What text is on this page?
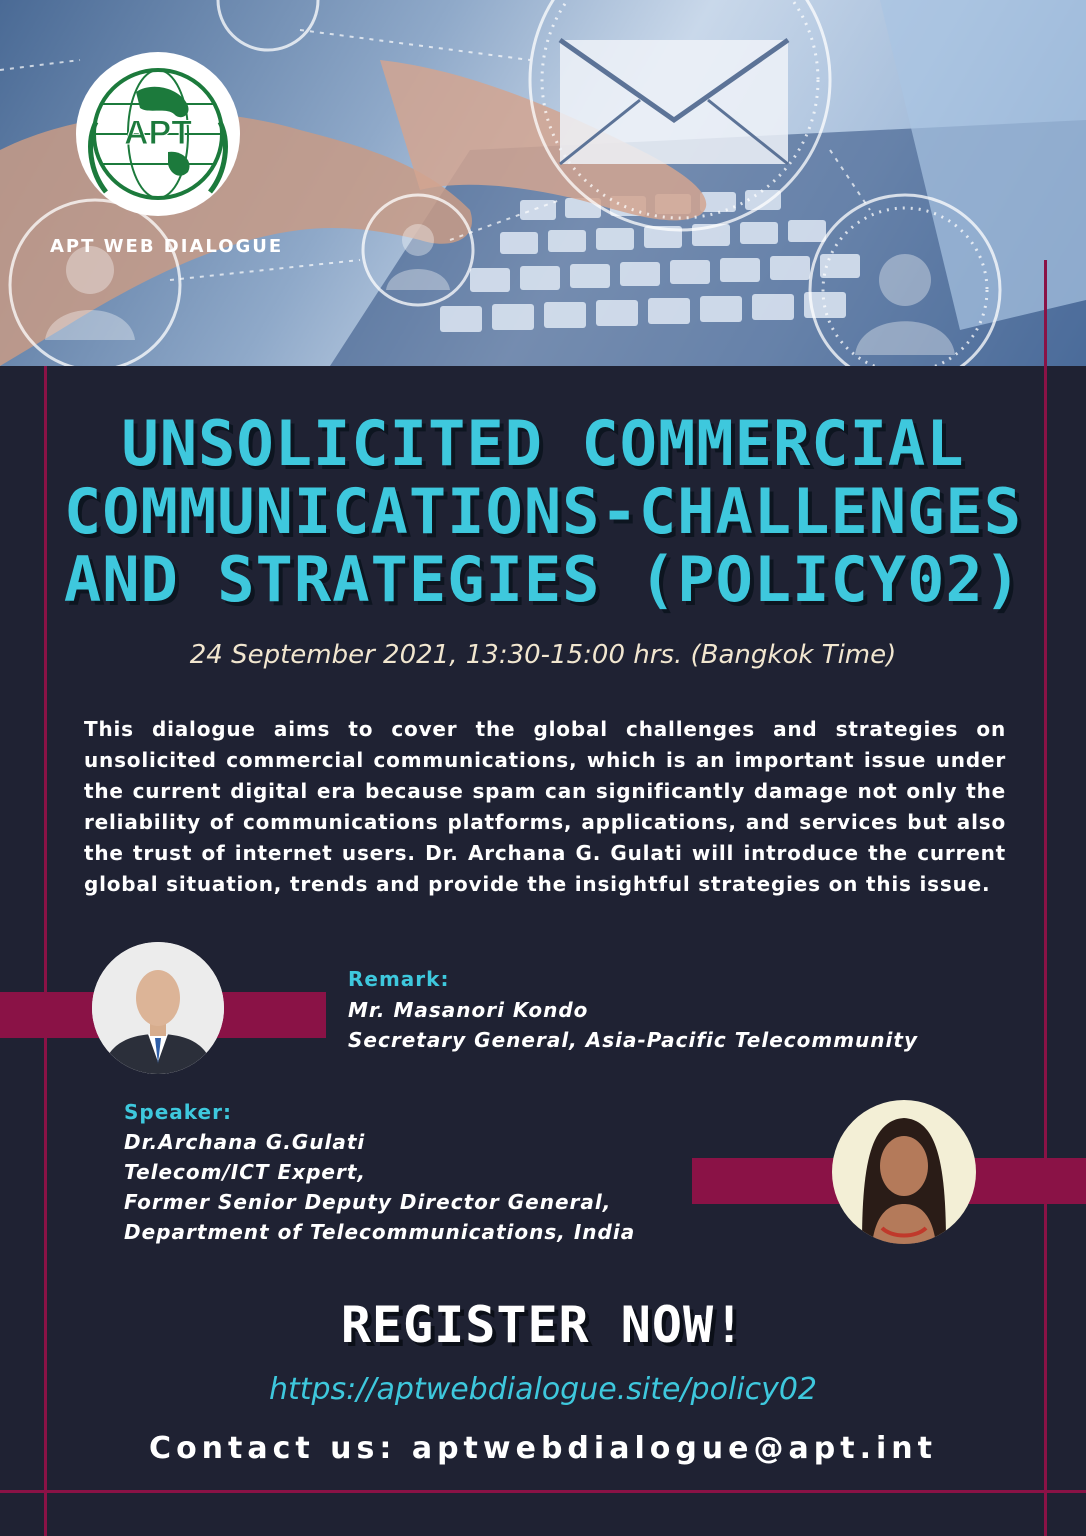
APT
APT WEB DIALOGUE
UNSOLICITED COMMERCIAL
COMMUNICATIONS-CHALLENGES
AND STRATEGIES (POLICY02)
24 September 2021, 13:30-15:00 hrs. (Bangkok Time)
This dialogue aims to cover the global challenges and strategies on unsolicited commercial communications, which is an important issue under the current digital era because spam can significantly damage not only the reliability of communications platforms, applications, and services but also the trust of internet users. Dr. Archana G. Gulati will introduce the current global situation, trends and provide the insightful strategies on this issue.
Remark:
Mr. Masanori Kondo
Secretary General, Asia-Pacific Telecommunity
Speaker:
Dr.Archana G.Gulati
Telecom/ICT Expert,
Former Senior Deputy Director General,
Department of Telecommunications, India
REGISTER NOW!
https://aptwebdialogue.site/policy02
Contact us: aptwebdialogue@apt.int
